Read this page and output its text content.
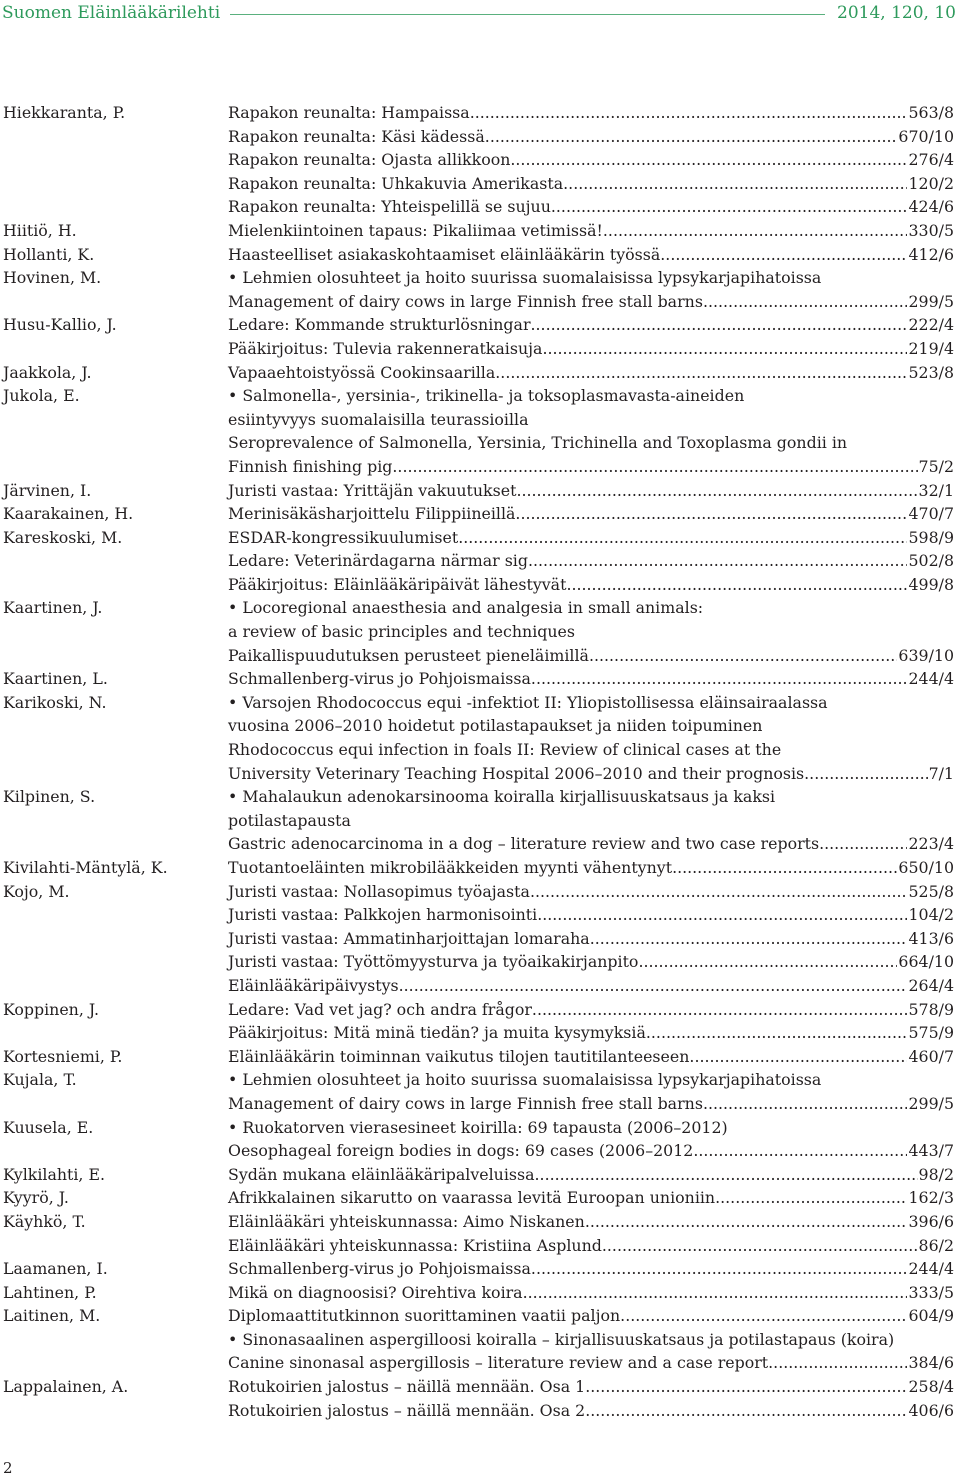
Suomen Eläinlääkärilehti	2014, 120, 10
Hiekkaranta, P.	Rapakon reunalta: Hampaissa .....	563/8
Rapakon reunalta: Käsi kädessä .....	670/10
Rapakon reunalta: Ojasta allikkoon .....	276/4
Rapakon reunalta: Uhkakuvia Amerikasta .....	120/2
Rapakon reunalta: Yhteispelillä se sujuu .....	424/6
Hiitiö, H.	Mielenkiintoinen tapaus: Pikaliimaa vetimissä! .....	330/5
Hollanti, K.	Haasteelliset asiakaskohtaamiset eläinlääkärin työssä .....	412/6
Hovinen, M.	• Lehmien olosuhteet ja hoito suurissa suomalaisissa lypsykarjapihatoissa
Management of dairy cows in large Finnish free stall barns .....	299/5
Husu-Kallio, J.	Ledare: Kommande strukturlösningar .....	222/4
Pääkirjoitus: Tulevia rakenneratkaisuja .....	219/4
Jaakkola, J.	Vapaaehtoistyössä Cookinsaarilla .....	523/8
Jukola, E.	• Salmonella-, yersinia-, trikinella- ja toksoplasmavasta-aineiden
esiintyvyys suomalaisilla teurassioilla
Seroprevalence of Salmonella, Yersinia, Trichinella and Toxoplasma gondii in
Finnish finishing pig .....	75/2
Järvinen, I.	Juristi vastaa: Yrittäjän vakuutukset .....	32/1
Kaarakainen, H.	Merinisäkäsharjoittelu Filippiineillä .....	470/7
Kareskoski, M.	ESDAR-kongressikuulumiset .....	598/9
Ledare: Veterinärdagarna närmar sig .....	502/8
Pääkirjoitus: Eläinlääkäripäivät lähestyvät .....	499/8
Kaartinen, J.	• Locoregional anaesthesia and analgesia in small animals:
a review of basic principles and techniques
Paikallispuudutuksen perusteet pieneläimillä .....	639/10
Kaartinen, L.	Schmallenberg-virus jo Pohjoismaissa .....	244/4
Karikoski, N.	• Varsojen Rhodococcus equi -infektiot II: Yliopistollisessa eläinsairaalassa
vuosina 2006–2010 hoidetut potilastapaukset ja niiden toipuminen
Rhodococcus equi infection in foals II: Review of clinical cases at the
University Veterinary Teaching Hospital 2006–2010 and their prognosis .....	7/1
Kilpinen, S.	• Mahalaukun adenokarsinooma koiralla kirjallisuuskatsaus ja kaksi
potilastapausta
Gastric adenocarcinoma in a dog – literature review and two case reports .....	223/4
Kivilahti-Mäntylä, K.	Tuotantoeläinten mikrobilääkkeiden myynti vähentynyt .....	650/10
Kojo, M.	Juristi vastaa: Nollasopimus työajasta .....	525/8
Juristi vastaa: Palkkojen harmonisointi .....	104/2
Juristi vastaa: Ammatinharjoittajan lomaraha .....	413/6
Juristi vastaa: Työttömyysturva ja työaikakirjanpito .....	664/10
Eläinlääkäripäivystys .....	264/4
Koppinen, J.	Ledare: Vad vet jag? och andra frågor .....	578/9
Pääkirjoitus: Mitä minä tiedän? ja muita kysymyksiä .....	575/9
Kortesniemi, P.	Eläinlääkärin toiminnan vaikutus tilojen tautitilanteeseen .....	460/7
Kujala, T.	• Lehmien olosuhteet ja hoito suurissa suomalaisissa lypsykarjapihatoissa
Management of dairy cows in large Finnish free stall barns .....	299/5
Kuusela, E.	• Ruokatorven vierasesineet koirilla: 69 tapausta (2006–2012)
Oesophageal foreign bodies in dogs: 69 cases (2006–2012 .....	443/7
Kylkilahti, E.	Sydän mukana eläinlääkäripalveluissa .....	98/2
Kyyrö, J.	Afrikkalainen sikarutto on vaarassa levitä Euroopan unioniin .....	162/3
Käyhkö, T.	Eläinlääkäri yhteiskunnassa: Aimo Niskanen .....	396/6
Eläinlääkäri yhteiskunnassa: Kristiina Asplund .....	86/2
Laamanen, I.	Schmallenberg-virus jo Pohjoismaissa .....	244/4
Lahtinen, P.	Mikä on diagnoosisi? Oirehtiva koira .....	333/5
Laitinen, M.	Diplomaattitutkinnon suorittaminen vaatii paljon .....	604/9
• Sinonasaalinen aspergilloosi koiralla – kirjallisuuskatsaus ja potilastapaus (koira)
Canine sinonasal aspergillosis – literature review and a case report .....	384/6
Lappalainen, A.	Rotukoirien jalostus – näillä mennään. Osa 1 .....	258/4
Rotukoirien jalostus – näillä mennään. Osa 2 .....	406/6
2
